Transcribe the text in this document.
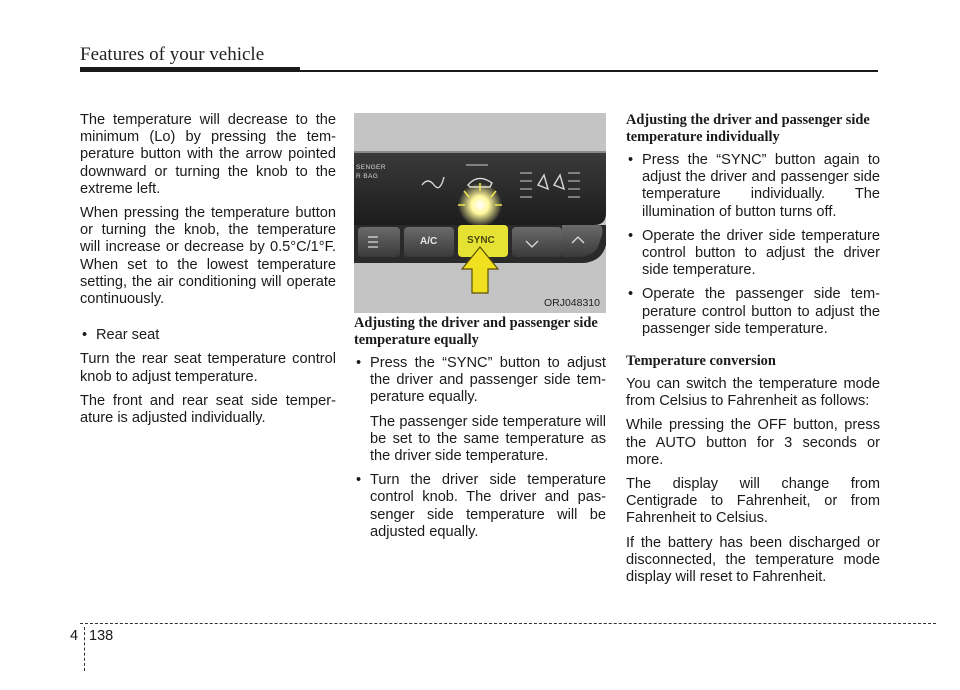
Features of your vehicle

The temperature will decrease to the minimum (Lo) by pressing the temperature button with the arrow pointed downward or turning the knob to the extreme left.

When pressing the temperature button or turning the knob, the temperature will increase or decrease by 0.5°C/1°F. When set to the lowest temperature setting, the air conditioning will operate continuously.

• Rear seat

Turn the rear seat temperature control knob to adjust temperature.

The front and rear seat side temperature is adjusted individually.

SENGER
R BAG
A/C	SYNC
ORJ048310
Adjusting the driver and passenger side temperature equally
• Press the “SYNC” button to adjust the driver and passenger side temperature equally.
The passenger side temperature will be set to the same temperature as the driver side temperature.
• Turn the driver side temperature control knob. The driver and passenger side temperature will be adjusted equally.
Adjusting the driver and passenger side temperature individually
• Press the “SYNC” button again to adjust the driver and passenger side temperature individually. The illumination of button turns off.
• Operate the driver side temperature control button to adjust the driver side temperature.
• Operate the passenger side temperature control button to adjust the passenger side temperature.
Temperature conversion

You can switch the temperature mode from Celsius to Fahrenheit as follows:

While pressing the OFF button, press the AUTO button for 3 seconds or more.

The display will change from Centigrade to Fahrenheit, or from Fahrenheit to Celsius.

If the battery has been discharged or disconnected, the temperature mode display will reset to Fahrenheit.

4 138
